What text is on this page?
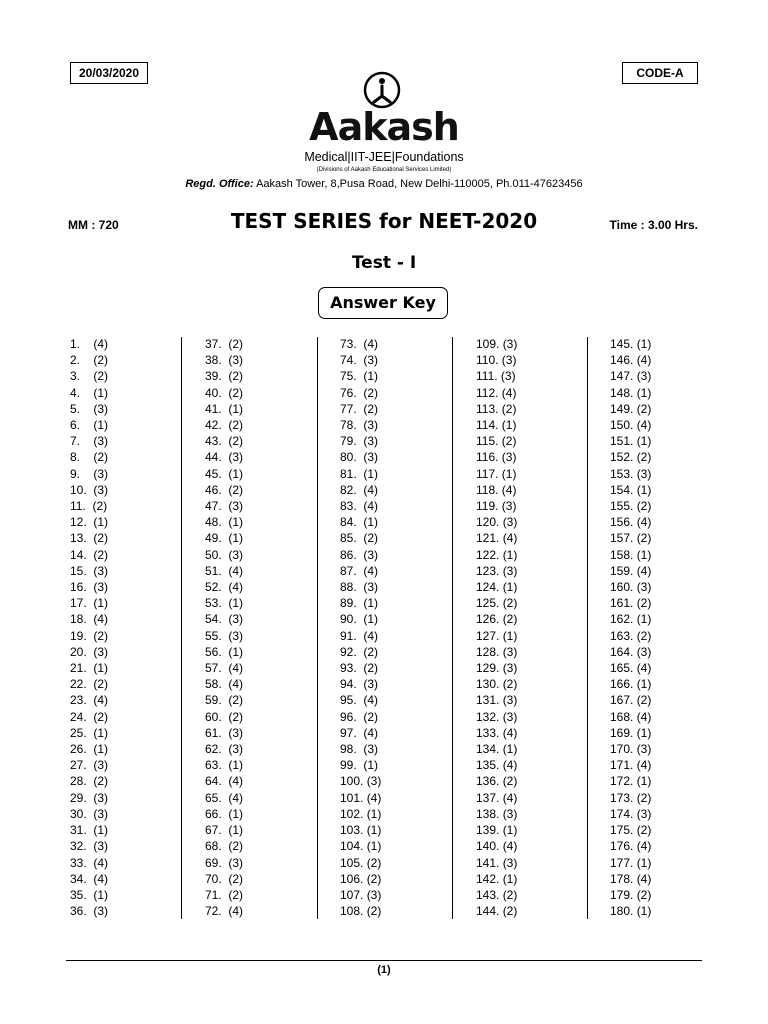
20/03/2020	CODE-A
Aakash
Medical|IIT-JEE|Foundations
(Divisions of Aakash Educational Services Limited)
Regd. Office: Aakash Tower, 8,Pusa Road, New Delhi-110005, Ph.011-47623456
MM : 720	TEST SERIES for NEET-2020	Time : 3.00 Hrs.
Test - I
Answer Key
1.    (4)
2.    (2)
3.    (2)
4.    (1)
5.    (3)
6.    (1)
7.    (3)
8.    (2)
9.    (3)
10.  (3)
11.  (2)
12.  (1)
13.  (2)
14.  (2)
15.  (3)
16.  (3)
17.  (1)
18.  (4)
19.  (2)
20.  (3)
21.  (1)
22.  (2)
23.  (4)
24.  (2)
25.  (1)
26.  (1)
27.  (3)
28.  (2)
29.  (3)
30.  (3)
31.  (1)
32.  (3)
33.  (4)
34.  (4)
35.  (1)
36.  (3)
37.  (2)
38.  (3)
39.  (2)
40.  (2)
41.  (1)
42.  (2)
43.  (2)
44.  (3)
45.  (1)
46.  (2)
47.  (3)
48.  (1)
49.  (1)
50.  (3)
51.  (4)
52.  (4)
53.  (1)
54.  (3)
55.  (3)
56.  (1)
57.  (4)
58.  (4)
59.  (2)
60.  (2)
61.  (3)
62.  (3)
63.  (1)
64.  (4)
65.  (4)
66.  (1)
67.  (1)
68.  (2)
69.  (3)
70.  (2)
71.  (2)
72.  (4)
73.  (4)
74.  (3)
75.  (1)
76.  (2)
77.  (2)
78.  (3)
79.  (3)
80.  (3)
81.  (1)
82.  (4)
83.  (4)
84.  (1)
85.  (2)
86.  (3)
87.  (4)
88.  (3)
89.  (1)
90.  (1)
91.  (4)
92.  (2)
93.  (2)
94.  (3)
95.  (4)
96.  (2)
97.  (4)
98.  (3)
99.  (1)
100. (3)
101. (4)
102. (1)
103. (1)
104. (1)
105. (2)
106. (2)
107. (3)
108. (2)
109. (3)
110. (3)
111. (3)
112. (4)
113. (2)
114. (1)
115. (2)
116. (3)
117. (1)
118. (4)
119. (3)
120. (3)
121. (4)
122. (1)
123. (3)
124. (1)
125. (2)
126. (2)
127. (1)
128. (3)
129. (3)
130. (2)
131. (3)
132. (3)
133. (4)
134. (1)
135. (4)
136. (2)
137. (4)
138. (3)
139. (1)
140. (4)
141. (3)
142. (1)
143. (2)
144. (2)
145. (1)
146. (4)
147. (3)
148. (1)
149. (2)
150. (4)
151. (1)
152. (2)
153. (3)
154. (1)
155. (2)
156. (4)
157. (2)
158. (1)
159. (4)
160. (3)
161. (2)
162. (1)
163. (2)
164. (3)
165. (4)
166. (1)
167. (2)
168. (4)
169. (1)
170. (3)
171. (4)
172. (1)
173. (2)
174. (3)
175. (2)
176. (4)
177. (1)
178. (4)
179. (2)
180. (1)
(1)
